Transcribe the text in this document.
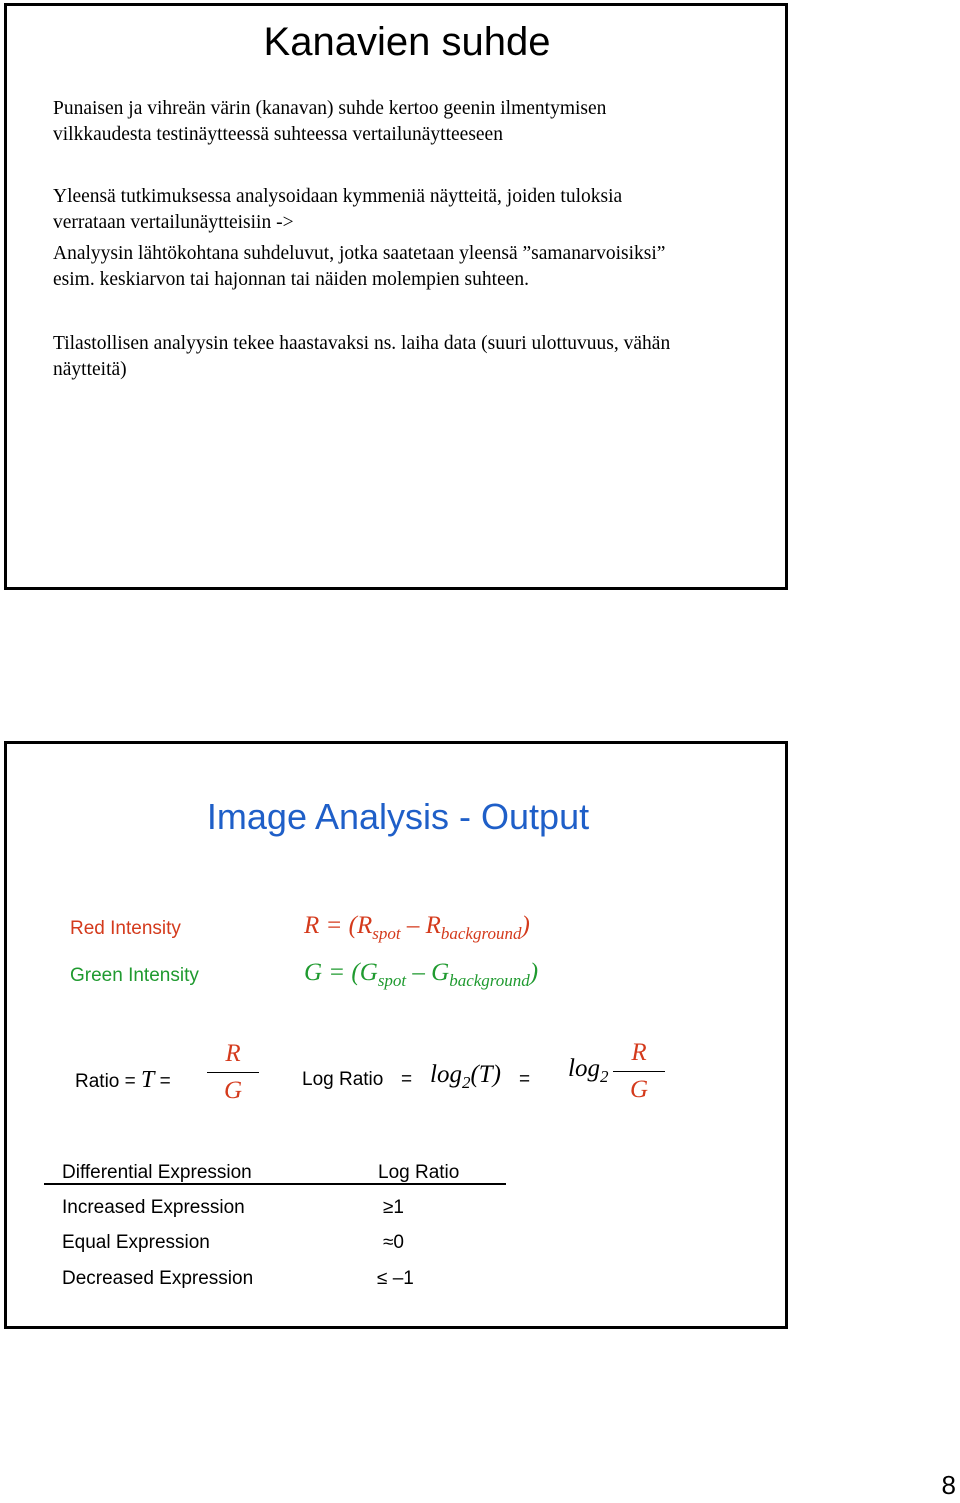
Kanavien suhde
Punaisen ja vihreän värin (kanavan) suhde kertoo geenin ilmentymisen
vilkkaudesta testinäytteessä suhteessa vertailunäytteeseen
Yleensä tutkimuksessa analysoidaan kymmeniä näytteitä, joiden tuloksia
verrataan vertailunäytteisiin ->
Analyysin lähtökohtana suhdeluvut, jotka saatetaan yleensä ”samanarvoisiksi”
esim. keskiarvon tai hajonnan tai näiden molempien suhteen.
Tilastollisen analyysin tekee haastavaksi ns. laiha data (suuri ulottuvuus, vähän
näytteitä)
Image Analysis - Output
Red Intensity	$R = (R_{spot} - R_{background})$
Green Intensity	$G = (G_{spot} - G_{background})$
Ratio = T =
R
G	Log Ratio = $\log_2(T) = \log_2$
R
G
Differential Expression	Log Ratio
Increased Expression	≥1
Equal Expression	≈0
Decreased Expression	≤ –1
8
